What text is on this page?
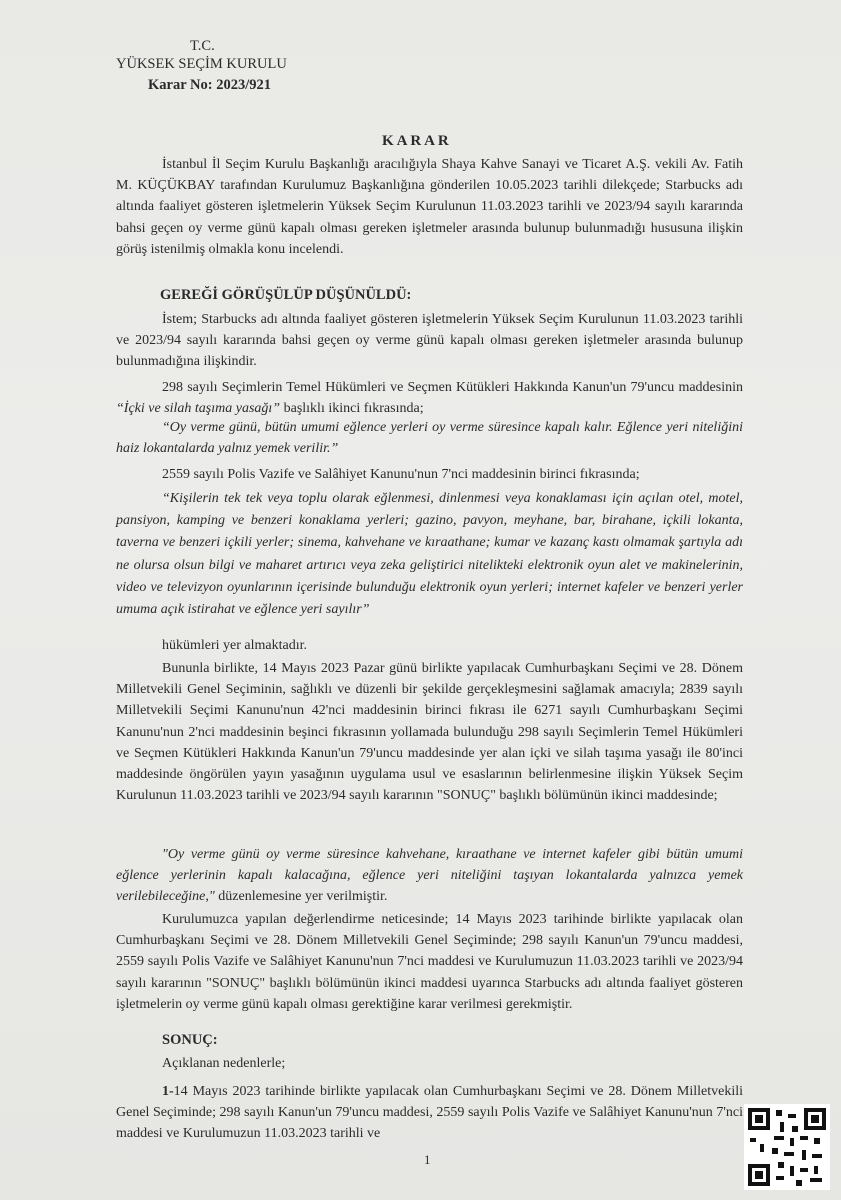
T.C.
YÜKSEK SEÇİM KURULU
Karar No: 2023/921
K A R A R
İstanbul İl Seçim Kurulu Başkanlığı aracılığıyla Shaya Kahve Sanayi ve Ticaret A.Ş. vekili Av. Fatih M. KÜÇÜKBAY tarafından Kurulumuz Başkanlığına gönderilen 10.05.2023 tarihli dilekçede; Starbucks adı altında faaliyet gösteren işletmelerin Yüksek Seçim Kurulunun 11.03.2023 tarihli ve 2023/94 sayılı kararında bahsi geçen oy verme günü kapalı olması gereken işletmeler arasında bulunup bulunmadığı hususuna ilişkin görüş istenilmiş olmakla konu incelendi.
GEREĞİ GÖRÜŞÜLÜP DÜŞÜNÜLDÜ:
İstem; Starbucks adı altında faaliyet gösteren işletmelerin Yüksek Seçim Kurulunun 11.03.2023 tarihli ve 2023/94 sayılı kararında bahsi geçen oy verme günü kapalı olması gereken işletmeler arasında bulunup bulunmadığına ilişkindir.
298 sayılı Seçimlerin Temel Hükümleri ve Seçmen Kütükleri Hakkında Kanun'un 79'uncu maddesinin “İçki ve silah taşıma yasağı” başlıklı ikinci fıkrasında;
“Oy verme günü, bütün umumi eğlence yerleri oy verme süresince kapalı kalır. Eğlence yeri niteliğini haiz lokantalarda yalnız yemek verilir.”
2559 sayılı Polis Vazife ve Salâhiyet Kanunu'nun 7'nci maddesinin birinci fıkrasında;
“Kişilerin tek tek veya toplu olarak eğlenmesi, dinlenmesi veya konaklaması için açılan otel, motel, pansiyon, kamping ve benzeri konaklama yerleri; gazino, pavyon, meyhane, bar, birahane, içkili lokanta, taverna ve benzeri içkili yerler; sinema, kahvehane ve kıraathane; kumar ve kazanç kastı olmamak şartıyla adı ne olursa olsun bilgi ve maharet artırıcı veya zeka geliştirici nitelikteki elektronik oyun alet ve makinelerinin, video ve televizyon oyunlarının içerisinde bulunduğu elektronik oyun yerleri; internet kafeler ve benzeri yerler umuma açık istirahat ve eğlence yeri sayılır”
hükümleri yer almaktadır.
Bununla birlikte, 14 Mayıs 2023 Pazar günü birlikte yapılacak Cumhurbaşkanı Seçimi ve 28. Dönem Milletvekili Genel Seçiminin, sağlıklı ve düzenli bir şekilde gerçekleşmesini sağlamak amacıyla; 2839 sayılı Milletvekili Seçimi Kanunu'nun 42'nci maddesinin birinci fıkrası ile 6271 sayılı Cumhurbaşkanı Seçimi Kanunu'nun 2'nci maddesinin beşinci fıkrasının yollamada bulunduğu 298 sayılı Seçimlerin Temel Hükümleri ve Seçmen Kütükleri Hakkında Kanun'un 79'uncu maddesinde yer alan içki ve silah taşıma yasağı ile 80'inci maddesinde öngörülen yayın yasağının uygulama usul ve esaslarının belirlenmesine ilişkin Yüksek Seçim Kurulunun 11.03.2023 tarihli ve 2023/94 sayılı kararının "SONUÇ" başlıklı bölümünün ikinci maddesinde;
"Oy verme günü oy verme süresince kahvehane, kıraathane ve internet kafeler gibi bütün umumi eğlence yerlerinin kapalı kalacağına, eğlence yeri niteliğini taşıyan lokantalarda yalnızca yemek verilebileceğine," düzenlemesine yer verilmiştir.
Kurulumuzca yapılan değerlendirme neticesinde; 14 Mayıs 2023 tarihinde birlikte yapılacak olan Cumhurbaşkanı Seçimi ve 28. Dönem Milletvekili Genel Seçiminde; 298 sayılı Kanun'un 79'uncu maddesi, 2559 sayılı Polis Vazife ve Salâhiyet Kanunu'nun 7'nci maddesi ve Kurulumuzun 11.03.2023 tarihli ve 2023/94 sayılı kararının "SONUÇ" başlıklı bölümünün ikinci maddesi uyarınca Starbucks adı altında faaliyet gösteren işletmelerin oy verme günü kapalı olması gerektiğine karar verilmesi gerekmiştir.
SONUÇ:
Açıklanan nedenlerle;
1-14 Mayıs 2023 tarihinde birlikte yapılacak olan Cumhurbaşkanı Seçimi ve 28. Dönem Milletvekili Genel Seçiminde; 298 sayılı Kanun'un 79'uncu maddesi, 2559 sayılı Polis Vazife ve Salâhiyet Kanunu'nun 7'nci maddesi ve Kurulumuzun 11.03.2023 tarihli ve
1
